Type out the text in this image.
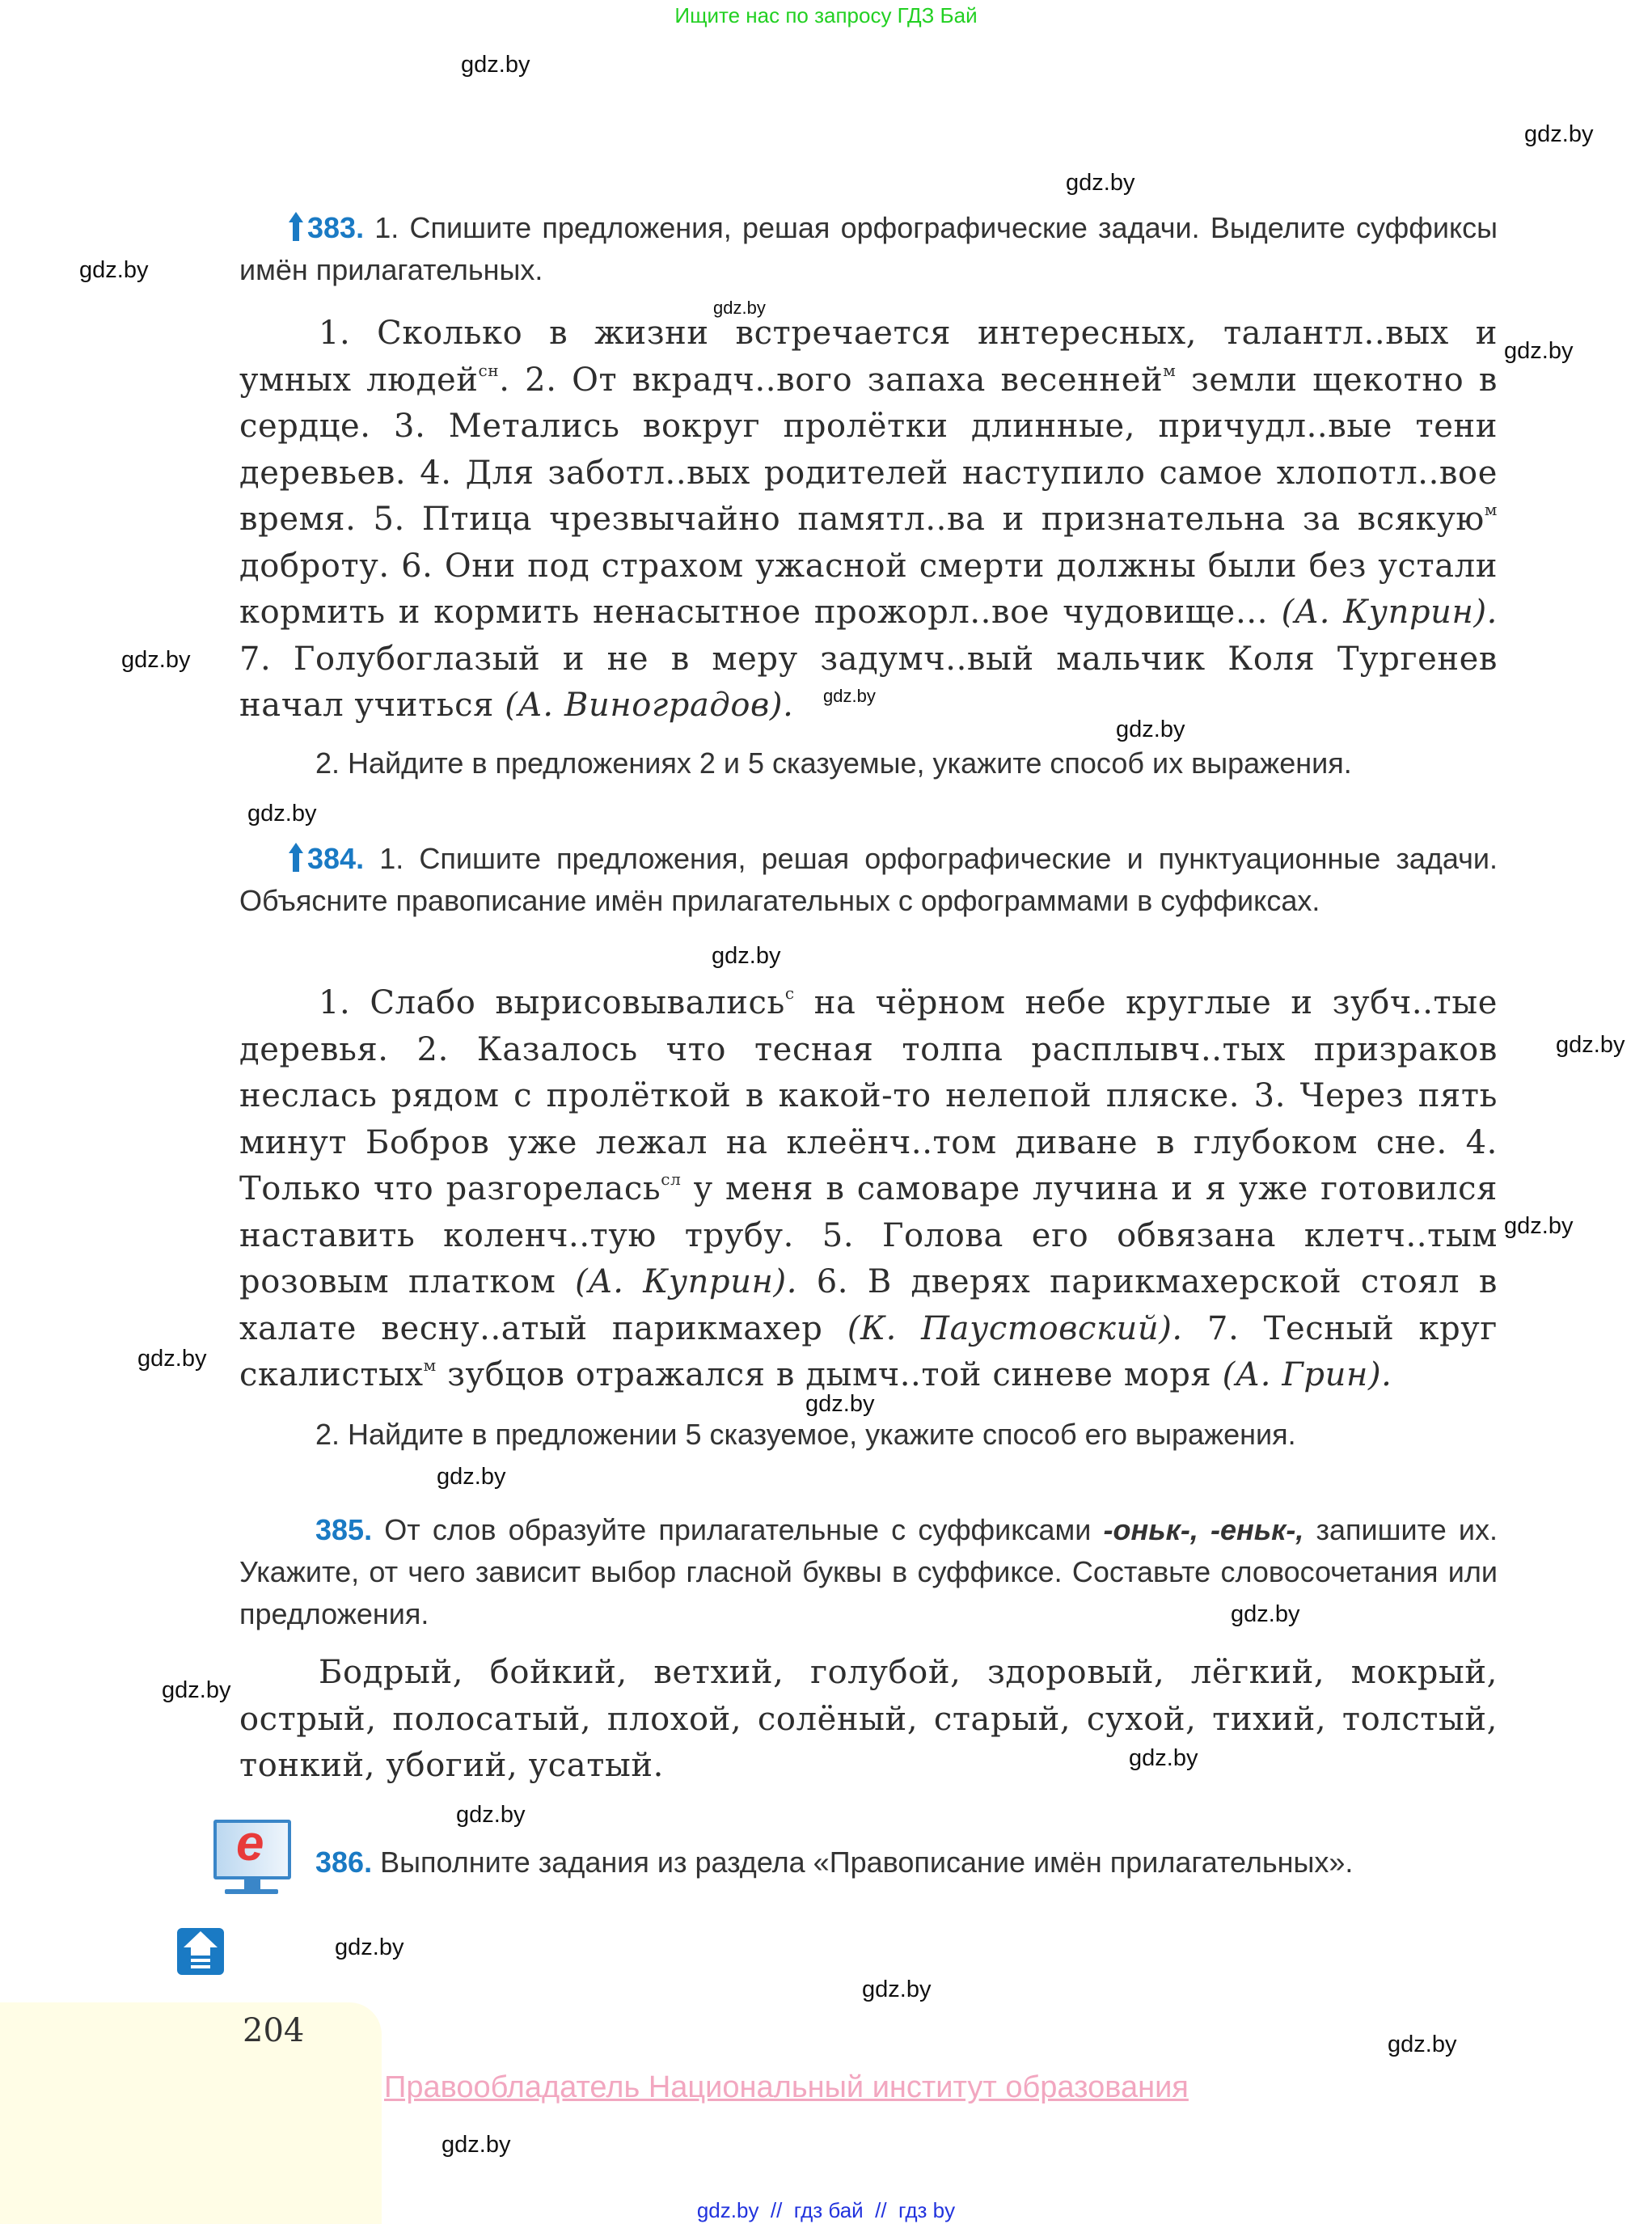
Ищите нас по запросу ГДЗ Бай
gdz.by
gdz.by
gdz.by
gdz.by
gdz.by
gdz.by
gdz.by
gdz.by
gdz.by
gdz.by
gdz.by
gdz.by
gdz.by
gdz.by
gdz.by
gdz.by
gdz.by
gdz.by
gdz.by
gdz.by
gdz.by
gdz.by
gdz.by
gdz.by
383. 1. Спишите предложения, решая орфографические задачи. Выделите суффиксы имён прилагательных.

1. Сколько в жизни встречается интересных, талантл..вых и умных людей$^{сн}$. 2. От вкрадч..вого запаха весенней$^м$ земли щекотно в сердце. 3. Метались вокруг пролётки длинные, причудл..вые тени деревьев. 4. Для заботл..вых родителей наступило самое хлопотл..вое время. 5. Птица чрезвычайно памятл..ва и признательна за всякую$^м$ доброту. 6. Они под страхом ужасной смерти должны были без устали кормить и кормить ненасытное прожорл..вое чудовище… (А. Куприн). 7. Голубоглазый и не в меру задумч..вый мальчик Коля Тургенев начал учиться (А. Виноградов).

2. Найдите в предложениях 2 и 5 сказуемые, укажите способ их выражения.
384. 1. Спишите предложения, решая орфографические и пунктуационные задачи. Объясните правописание имён прилагательных с орфограммами в суффиксах.

1. Слабо вырисовывались$^с$ на чёрном небе круглые и зубч..тые деревья. 2. Казалось что тесная толпа расплывч..тых призраков неслась рядом с пролёткой в какой-то нелепой пляске. 3. Через пять минут Бобров уже лежал на клеёнч..том диване в глубоком сне. 4. Только что разгорелась$^{сл}$ у меня в самоваре лучина и я уже готовился наставить коленч..тую трубу. 5. Голова его обвязана клетч..тым розовым платком (А. Куприн). 6. В дверях парикмахерской стоял в халате весну..атый парикмахер (К. Паустовский). 7. Тесный круг скалистых$^м$ зубцов отражался в дымч..той синеве моря (А. Грин).

2. Найдите в предложении 5 сказуемое, укажите способ его выражения.
385. От слов образуйте прилагательные с суффиксами -оньк-, -еньк-, запишите их. Укажите, от чего зависит выбор гласной буквы в суффиксе. Составьте словосочетания или предложения.

Бодрый, бойкий, ветхий, голубой, здоровый, лёгкий, мокрый, острый, полосатый, плохой, солёный, старый, сухой, тихий, толстый, тонкий, убогий, усатый.

e 386. Выполните задания из раздела «Правописание имён прилагательных».
204
Правообладатель Национальный институт образования
gdz.by  //  гдз бай  //  гдз by
